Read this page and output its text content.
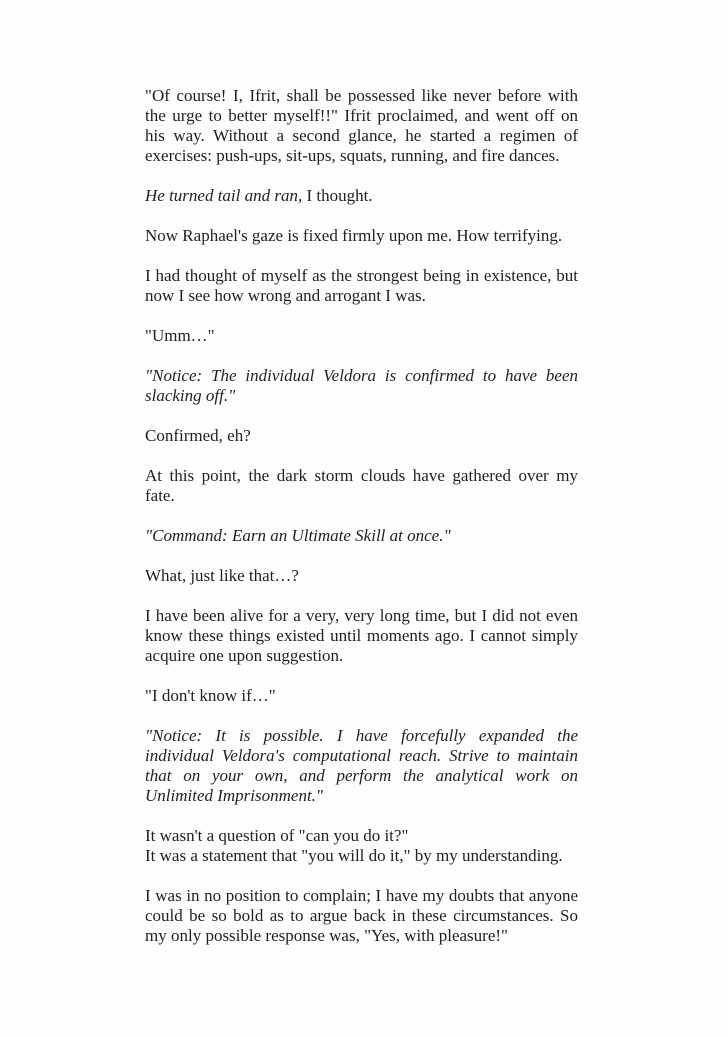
"Of course! I, Ifrit, shall be possessed like never before with the urge to better myself!!" Ifrit proclaimed, and went off on his way. Without a second glance, he started a regimen of exercises: push-ups, sit-ups, squats, running, and fire dances.

He turned tail and ran, I thought.

Now Raphael's gaze is fixed firmly upon me. How terrifying.

I had thought of myself as the strongest being in existence, but now I see how wrong and arrogant I was.

"Umm…"

"Notice: The individual Veldora is confirmed to have been slacking off."

Confirmed, eh?

At this point, the dark storm clouds have gathered over my fate.

"Command: Earn an Ultimate Skill at once."

What, just like that…?

I have been alive for a very, very long time, but I did not even know these things existed until moments ago. I cannot simply acquire one upon suggestion.

"I don't know if…"

"Notice: It is possible. I have forcefully expanded the individual Veldora's computational reach. Strive to maintain that on your own, and perform the analytical work on Unlimited Imprisonment."

It wasn't a question of "can you do it?"
It was a statement that "you will do it," by my understanding.

I was in no position to complain; I have my doubts that anyone could be so bold as to argue back in these circumstances. So my only possible response was, "Yes, with pleasure!"
